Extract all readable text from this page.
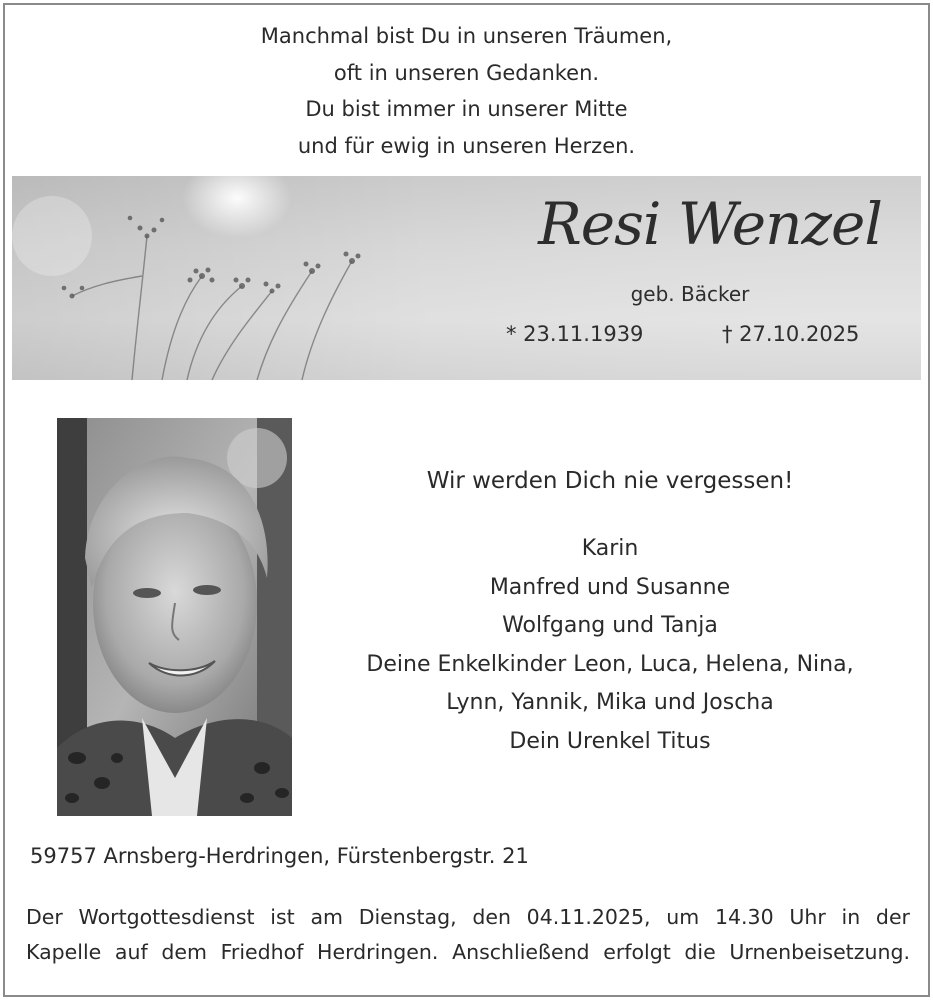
Manchmal bist Du in unseren Träumen,
oft in unseren Gedanken.
Du bist immer in unserer Mitte
und für ewig in unseren Herzen.
Resi Wenzel
geb. Bäcker
* 23.11.1939	† 27.10.2025
Wir werden Dich nie vergessen!
Karin
Manfred und Susanne
Wolfgang und Tanja
Deine Enkelkinder Leon, Luca, Helena, Nina,
Lynn, Yannik, Mika und Joscha
Dein Urenkel Titus
59757 Arnsberg-Herdringen, Fürstenbergstr. 21
Der Wortgottesdienst ist am Dienstag, den 04.11.2025, um 14.30 Uhr in der
Kapelle auf dem Friedhof Herdringen. Anschließend erfolgt die Urnenbeisetzung.
